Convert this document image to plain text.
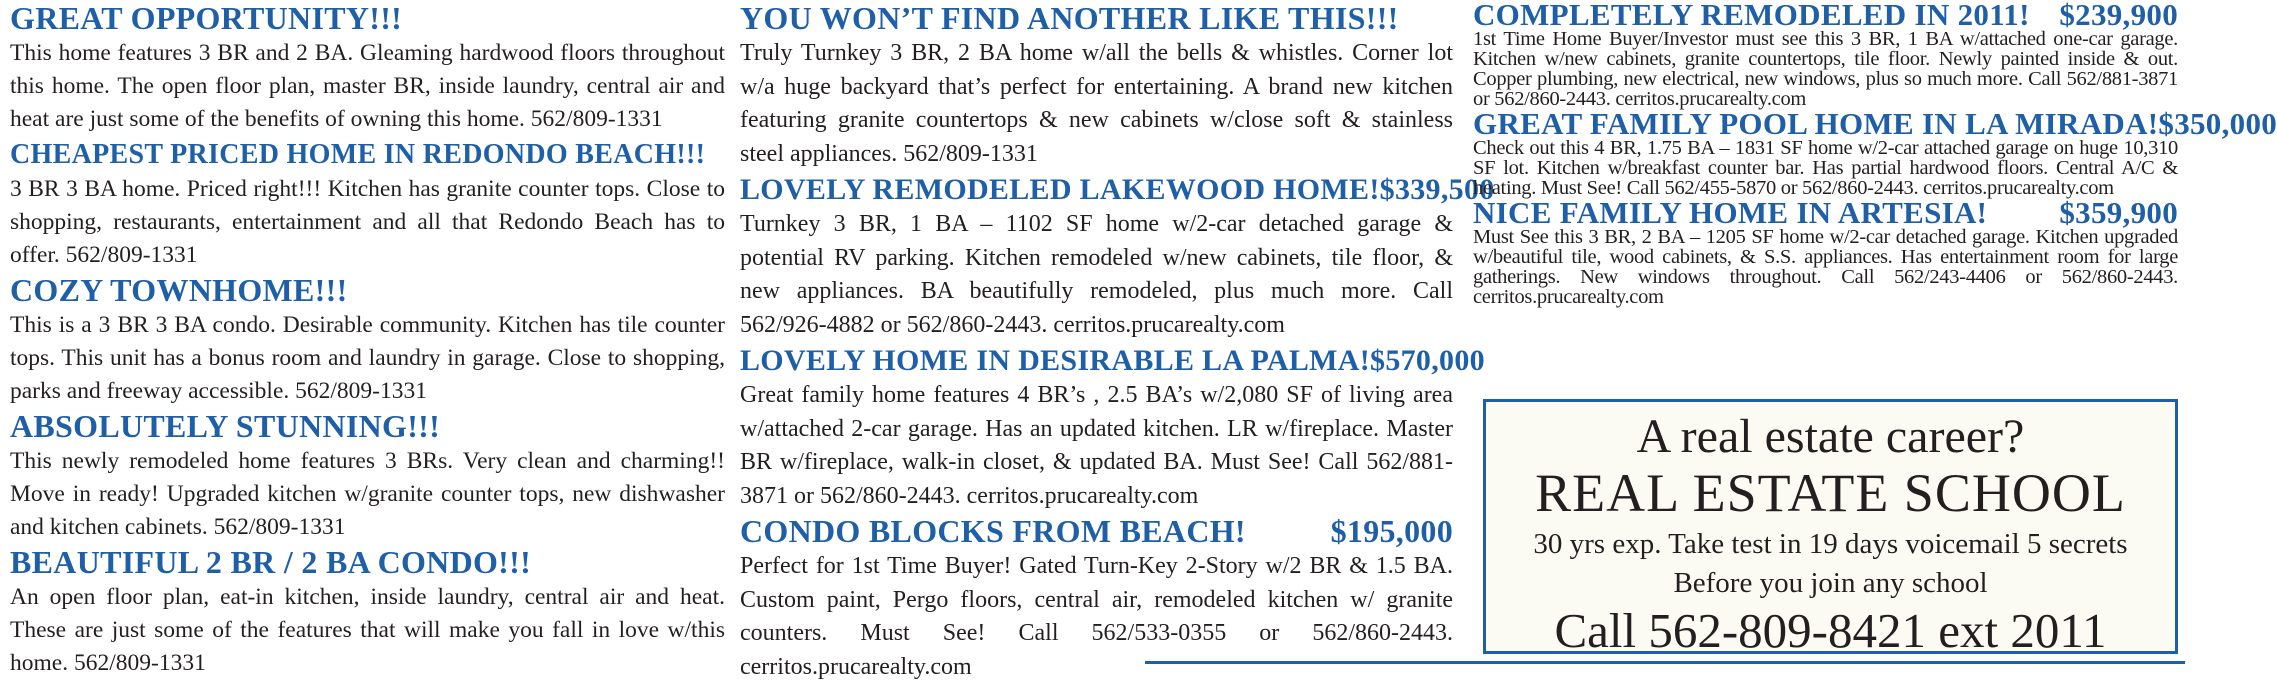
GREAT OPPORTUNITY!!!
This home features 3 BR and 2 BA. Gleaming hardwood floors throughout this home. The open floor plan, master BR, inside laundry, central air and heat are just some of the benefits of owning this home. 562/809-1331
CHEAPEST PRICED HOME IN REDONDO BEACH!!!
3 BR 3 BA home. Priced right!!! Kitchen has granite counter tops. Close to shopping, restaurants, entertainment and all that Redondo Beach has to offer. 562/809-1331
COZY TOWNHOME!!!
This is a 3 BR 3 BA condo. Desirable community. Kitchen has tile counter tops. This unit has a bonus room and laundry in garage. Close to shopping, parks and freeway accessible. 562/809-1331
ABSOLUTELY STUNNING!!!
This newly remodeled home features 3 BRs. Very clean and charming!! Move in ready! Upgraded kitchen w/granite counter tops, new dishwasher and kitchen cabinets. 562/809-1331
BEAUTIFUL 2 BR / 2 BA CONDO!!!
An open floor plan, eat-in kitchen, inside laundry, central air and heat. These are just some of the features that will make you fall in love w/this home. 562/809-1331
YOU WON’T FIND ANOTHER LIKE THIS!!!
Truly Turnkey 3 BR, 2 BA home w/all the bells & whistles. Corner lot w/a huge backyard that’s perfect for entertaining. A brand new kitchen featuring granite countertops & new cabinets w/close soft & stainless steel appliances. 562/809-1331
LOVELY REMODELED LAKEWOOD HOME! $339,500
Turnkey 3 BR, 1 BA – 1102 SF home w/2-car detached garage & potential RV parking. Kitchen remodeled w/new cabinets, tile floor, & new appliances. BA beautifully remodeled, plus much more. Call 562/926-4882 or 562/860-2443. cerritos.prucarealty.com
LOVELY HOME IN DESIRABLE LA PALMA! $570,000
Great family home features 4 BR’s , 2.5 BA’s w/2,080 SF of living area w/attached 2-car garage. Has an updated kitchen. LR w/fireplace. Master BR w/fireplace, walk-in closet, & updated BA. Must See! Call 562/881-3871 or 562/860-2443. cerritos.prucarealty.com
CONDO BLOCKS FROM BEACH!	$195,000
Perfect for 1st Time Buyer! Gated Turn-Key 2-Story w/2 BR & 1.5 BA. Custom paint, Pergo floors, central air, remodeled kitchen w/ granite counters. Must See! Call 562/533-0355 or 562/860-2443. cerritos.prucarealty.com
COMPLETELY REMODELED IN 2011! $239,900
1st Time Home Buyer/Investor must see this 3 BR, 1 BA w/attached one-car garage. Kitchen w/new cabinets, granite countertops, tile floor. Newly painted inside & out. Copper plumbing, new electrical, new windows, plus so much more. Call 562/881-3871 or 562/860-2443. cerritos.prucarealty.com
GREAT FAMILY POOL HOME IN LA MIRADA! $350,000
Check out this 4 BR, 1.75 BA – 1831 SF home w/2-car attached garage on huge 10,310 SF lot. Kitchen w/breakfast counter bar. Has partial hardwood floors. Central A/C & heating. Must See! Call 562/455-5870 or 562/860-2443. cerritos.prucarealty.com
NICE FAMILY HOME IN ARTESIA! $359,900
Must See this 3 BR, 2 BA – 1205 SF home w/2-car detached garage. Kitchen upgraded w/beautiful tile, wood cabinets, & S.S. appliances. Has entertainment room for large gatherings. New windows throughout. Call 562/243-4406 or 562/860-2443. cerritos.prucarealty.com
A real estate career?
REAL ESTATE SCHOOL
30 yrs exp. Take test in 19 days voicemail 5 secrets
Before you join any school
Call 562-809-8421 ext 2011
